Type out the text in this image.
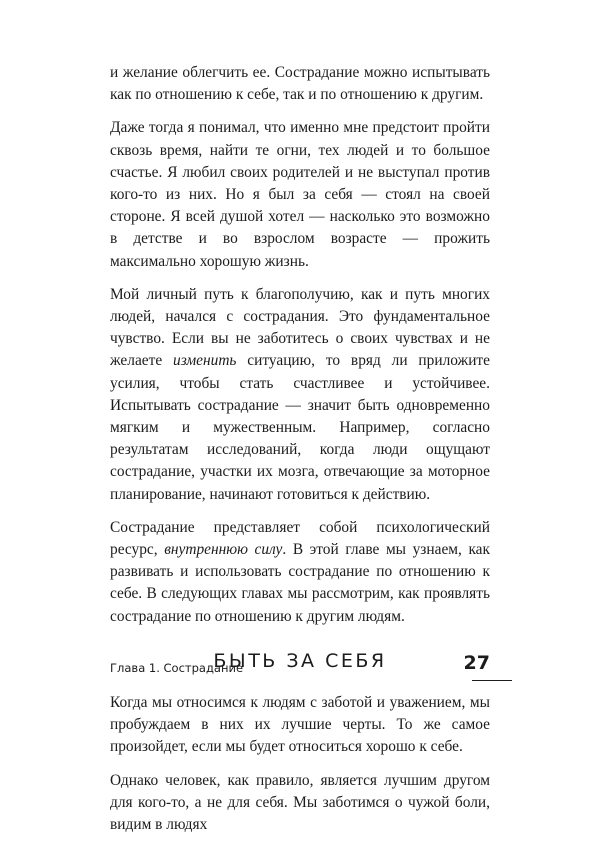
и желание облегчить ее. Сострадание можно испытывать как по отношению к себе, так и по отношению к другим.

Даже тогда я понимал, что именно мне предстоит пройти сквозь время, найти те огни, тех людей и то большое счастье. Я любил своих родителей и не выступал против кого-то из них. Но я был за себя — стоял на своей стороне. Я всей душой хотел — насколько это возможно в детстве и во взрослом возрасте — прожить максимально хорошую жизнь.

Мой личный путь к благополучию, как и путь многих людей, начался с сострадания. Это фундаментальное чувство. Если вы не заботитесь о своих чувствах и не желаете изменить ситуацию, то вряд ли приложите усилия, чтобы стать счастливее и устойчивее. Испытывать сострадание — значит быть одновременно мягким и мужественным. Например, согласно результатам исследований, когда люди ощущают сострадание, участки их мозга, отвечающие за моторное планирование, начинают готовиться к действию.

Сострадание представляет собой психологический ресурс, внутреннюю силу. В этой главе мы узнаем, как развивать и использовать сострадание по отношению к себе. В следующих главах мы рассмотрим, как проявлять сострадание по отношению к другим людям.

БЫТЬ ЗА СЕБЯ

Когда мы относимся к людям с заботой и уважением, мы пробуждаем в них их лучшие черты. То же самое произойдет, если мы будет относиться хорошо к себе.

Однако человек, как правило, является лучшим другом для кого-то, а не для себя. Мы заботимся о чужой боли, видим в людях

Глава 1. Сострадание	27
